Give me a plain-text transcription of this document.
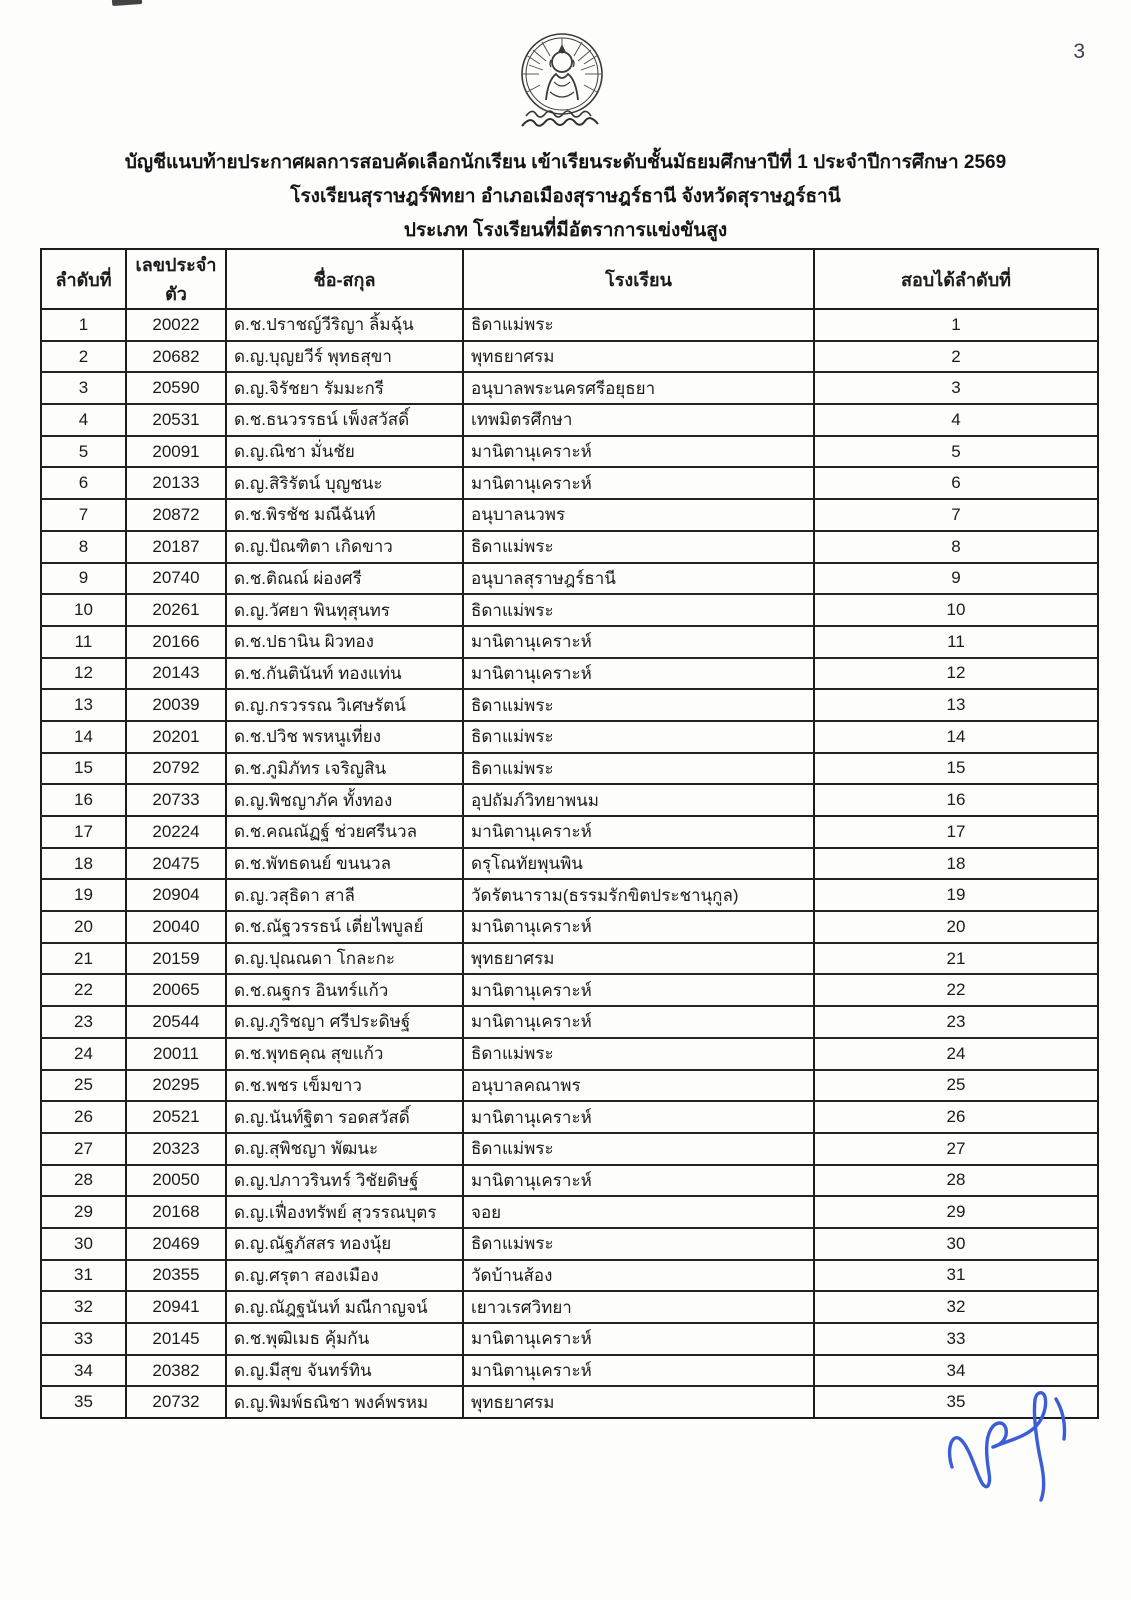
3
บัญชีแนบท้ายประกาศผลการสอบคัดเลือกนักเรียน เข้าเรียนระดับชั้นมัธยมศึกษาปีที่ 1 ประจำปีการศึกษา 2569
โรงเรียนสุราษฎร์พิทยา อำเภอเมืองสุราษฎร์ธานี จังหวัดสุราษฎร์ธานี
ประเภท โรงเรียนที่มีอัตราการแข่งขันสูง
ลำดับที่	เลขประจำตัว	ชื่อ-สกุล	โรงเรียน	สอบได้ลำดับที่
1	20022	ด.ช.ปราชญ์วีริญา ลิ้มฉุ้น	ธิดาแม่พระ	1
2	20682	ด.ญ.บุญยวีร์ พุทธสุขา	พุทธยาศรม	2
3	20590	ด.ญ.จิรัชยา รัมมะกรี	อนุบาลพระนครศรีอยุธยา	3
4	20531	ด.ช.ธนวรรธน์ เพ็งสวัสดิ์	เทพมิตรศึกษา	4
5	20091	ด.ญ.ณิชา มั่นชัย	มานิตานุเคราะห์	5
6	20133	ด.ญ.สิริรัตน์ บุญชนะ	มานิตานุเคราะห์	6
7	20872	ด.ช.พิรชัช มณีฉันท์	อนุบาลนวพร	7
8	20187	ด.ญ.ปัณฑิตา เกิดขาว	ธิดาแม่พระ	8
9	20740	ด.ช.ติณณ์ ผ่องศรี	อนุบาลสุราษฎร์ธานี	9
10	20261	ด.ญ.วัศยา พินทุสุนทร	ธิดาแม่พระ	10
11	20166	ด.ช.ปธานิน ผิวทอง	มานิตานุเคราะห์	11
12	20143	ด.ช.กันตินันท์ ทองแท่น	มานิตานุเคราะห์	12
13	20039	ด.ญ.กรวรรณ วิเศษรัตน์	ธิดาแม่พระ	13
14	20201	ด.ช.ปวิช พรหนูเที่ยง	ธิดาแม่พระ	14
15	20792	ด.ช.ภูมิภัทร เจริญสิน	ธิดาแม่พระ	15
16	20733	ด.ญ.พิชญาภัค ทั้งทอง	อุปถัมภ์วิทยาพนม	16
17	20224	ด.ช.คณณัฏฐ์ ช่วยศรีนวล	มานิตานุเคราะห์	17
18	20475	ด.ช.พัทธดนย์ ขนนวล	ดรุโณทัยพุนพิน	18
19	20904	ด.ญ.วสุธิดา สาลี	วัดรัตนาราม(ธรรมรักขิตประชานุกูล)	19
20	20040	ด.ช.ณัฐวรรธน์ เตี่ยไพบูลย์	มานิตานุเคราะห์	20
21	20159	ด.ญ.ปุณณดา โกละกะ	พุทธยาศรม	21
22	20065	ด.ช.ณฐกร อินทร์แก้ว	มานิตานุเคราะห์	22
23	20544	ด.ญ.ภูริชญา ศรีประดิษฐ์	มานิตานุเคราะห์	23
24	20011	ด.ช.พุทธคุณ สุขแก้ว	ธิดาแม่พระ	24
25	20295	ด.ช.พชร เข็มขาว	อนุบาลคณาพร	25
26	20521	ด.ญ.นันท์ฐิตา รอดสวัสดิ์	มานิตานุเคราะห์	26
27	20323	ด.ญ.สุพิชญา พัฒนะ	ธิดาแม่พระ	27
28	20050	ด.ญ.ปภาวรินทร์ วิชัยดิษฐ์	มานิตานุเคราะห์	28
29	20168	ด.ญ.เฟื่องทรัพย์ สุวรรณบุตร	จอย	29
30	20469	ด.ญ.ณัฐภัสสร ทองนุ้ย	ธิดาแม่พระ	30
31	20355	ด.ญ.ศรุตา สองเมือง	วัดบ้านส้อง	31
32	20941	ด.ญ.ณัฎฐนันท์ มณีกาญจน์	เยาวเรศวิทยา	32
33	20145	ด.ช.พุฒิเมธ คุ้มกัน	มานิตานุเคราะห์	33
34	20382	ด.ญ.มีสุข จันทร์ทิน	มานิตานุเคราะห์	34
35	20732	ด.ญ.พิมพ์ธณิชา พงค์พรหม	พุทธยาศรม	35
